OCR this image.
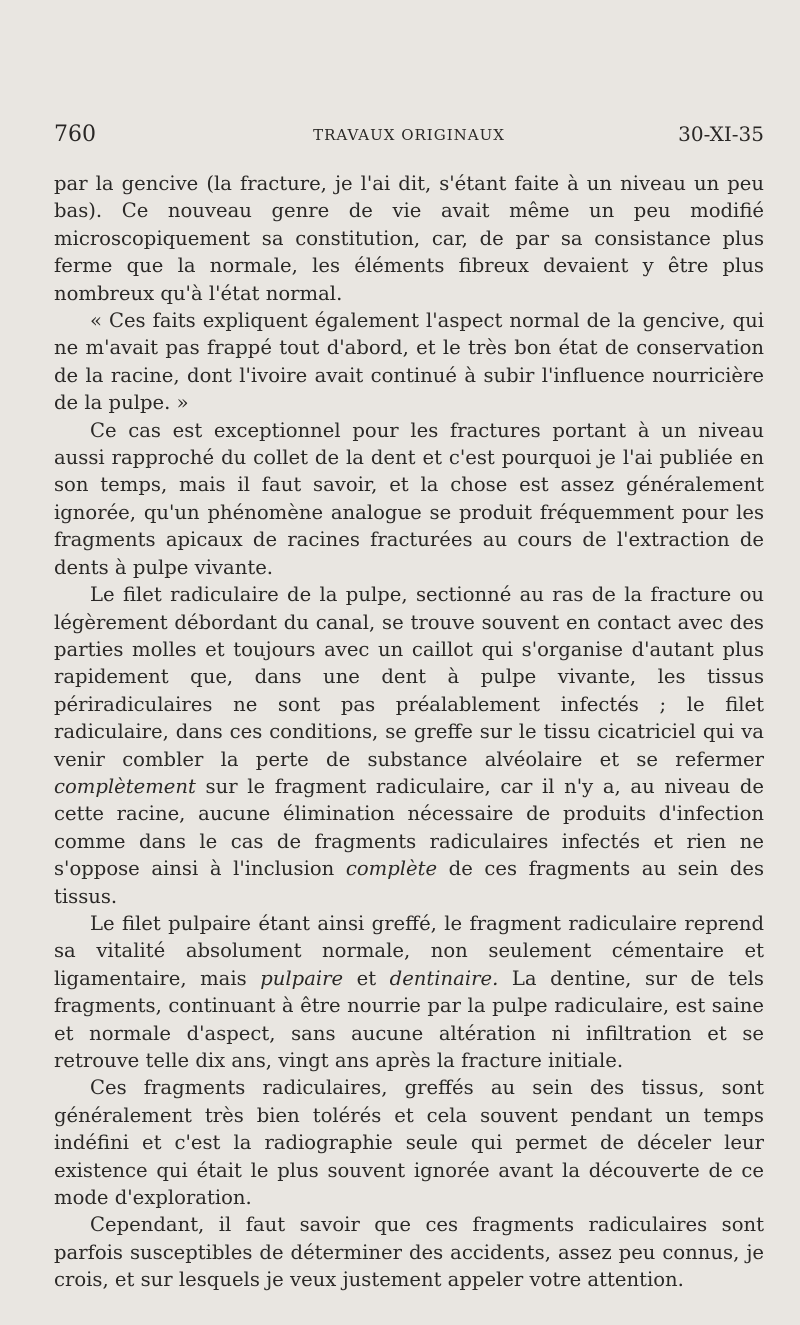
760	TRAVAUX ORIGINAUX	30-XI-35

par la gencive (la fracture, je l'ai dit, s'étant faite à un niveau un peu bas). Ce nouveau genre de vie avait même un peu modifié microscopiquement sa constitution, car, de par sa consistance plus ferme que la normale, les éléments fibreux devaient y être plus nombreux qu'à l'état normal.

« Ces faits expliquent également l'aspect normal de la gencive, qui ne m'avait pas frappé tout d'abord, et le très bon état de conservation de la racine, dont l'ivoire avait continué à subir l'influence nourricière de la pulpe. »

Ce cas est exceptionnel pour les fractures portant à un niveau aussi rapproché du collet de la dent et c'est pourquoi je l'ai publiée en son temps, mais il faut savoir, et la chose est assez généralement ignorée, qu'un phénomène analogue se produit fréquemment pour les fragments apicaux de racines fracturées au cours de l'extraction de dents à pulpe vivante.

Le filet radiculaire de la pulpe, sectionné au ras de la fracture ou légèrement débordant du canal, se trouve souvent en contact avec des parties molles et toujours avec un caillot qui s'organise d'autant plus rapidement que, dans une dent à pulpe vivante, les tissus périradiculaires ne sont pas préalablement infectés ; le filet radiculaire, dans ces conditions, se greffe sur le tissu cicatriciel qui va venir combler la perte de substance alvéolaire et se refermer complètement sur le fragment radiculaire, car il n'y a, au niveau de cette racine, aucune élimination nécessaire de produits d'infection comme dans le cas de fragments radiculaires infectés et rien ne s'oppose ainsi à l'inclusion complète de ces fragments au sein des tissus.

Le filet pulpaire étant ainsi greffé, le fragment radiculaire reprend sa vitalité absolument normale, non seulement cémentaire et ligamentaire, mais pulpaire et dentinaire. La dentine, sur de tels fragments, continuant à être nourrie par la pulpe radiculaire, est saine et normale d'aspect, sans aucune altération ni infiltration et se retrouve telle dix ans, vingt ans après la fracture initiale.

Ces fragments radiculaires, greffés au sein des tissus, sont généralement très bien tolérés et cela souvent pendant un temps indéfini et c'est la radiographie seule qui permet de déceler leur existence qui était le plus souvent ignorée avant la découverte de ce mode d'exploration.

Cependant, il faut savoir que ces fragments radiculaires sont parfois susceptibles de déterminer des accidents, assez peu connus, je crois, et sur lesquels je veux justement appeler votre attention.
